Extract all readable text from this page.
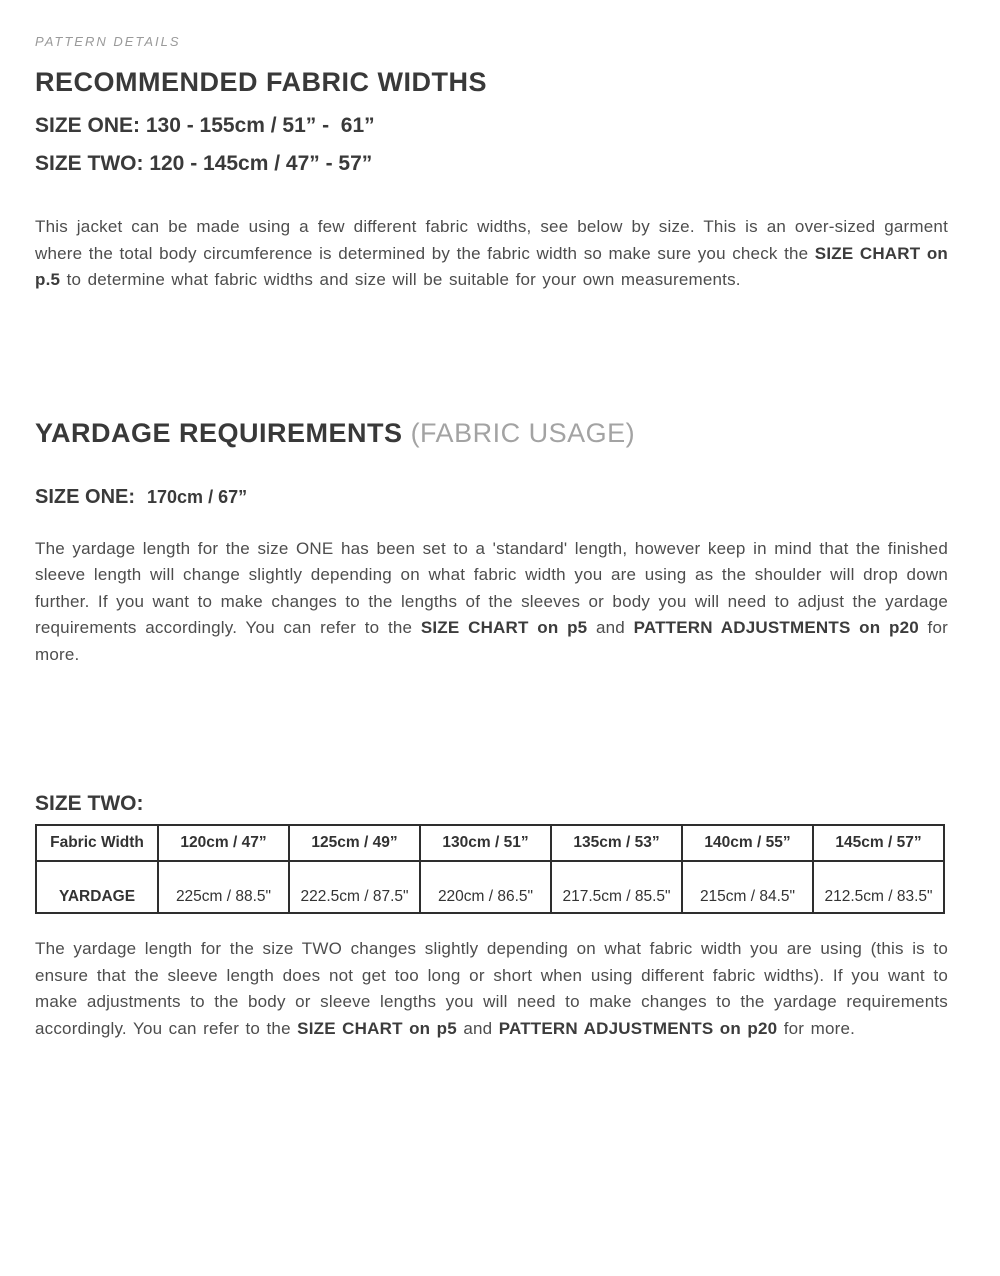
PATTERN DETAILS
RECOMMENDED FABRIC WIDTHS
SIZE ONE: 130 - 155cm / 51” -  61”
SIZE TWO: 120 - 145cm / 47” - 57”

This jacket can be made using a few different fabric widths, see below by size. This is an over-sized garment where the total body circumference is determined by the fabric width so make sure you check the SIZE CHART on p.5 to determine what fabric widths and size will be suitable for your own measurements.

YARDAGE REQUIREMENTS (FABRIC USAGE)
SIZE ONE: 170cm / 67”

The yardage length for the size ONE has been set to a 'standard' length, however keep in mind that the finished sleeve length will change slightly depending on what fabric width you are using as the shoulder will drop down further. If you want to make changes to the lengths of the sleeves or body you will need to adjust the yardage requirements accordingly. You can refer to the SIZE CHART on p5 and PATTERN ADJUSTMENTS on p20 for more.

SIZE TWO:
Fabric Width	120cm / 47”	125cm / 49”	130cm / 51”	135cm / 53”	140cm / 55”	145cm / 57”
YARDAGE	225cm / 88.5"	222.5cm / 87.5"	220cm / 86.5"	217.5cm / 85.5"	215cm / 84.5"	212.5cm / 83.5"

The yardage length for the size TWO changes slightly depending on what fabric width you are using (this is to ensure that the sleeve length does not get too long or short when using different fabric widths). If you want to make adjustments to the body or sleeve lengths you will need to make changes to the yardage requirements accordingly. You can refer to the SIZE CHART on p5 and PATTERN ADJUSTMENTS on p20 for more.
